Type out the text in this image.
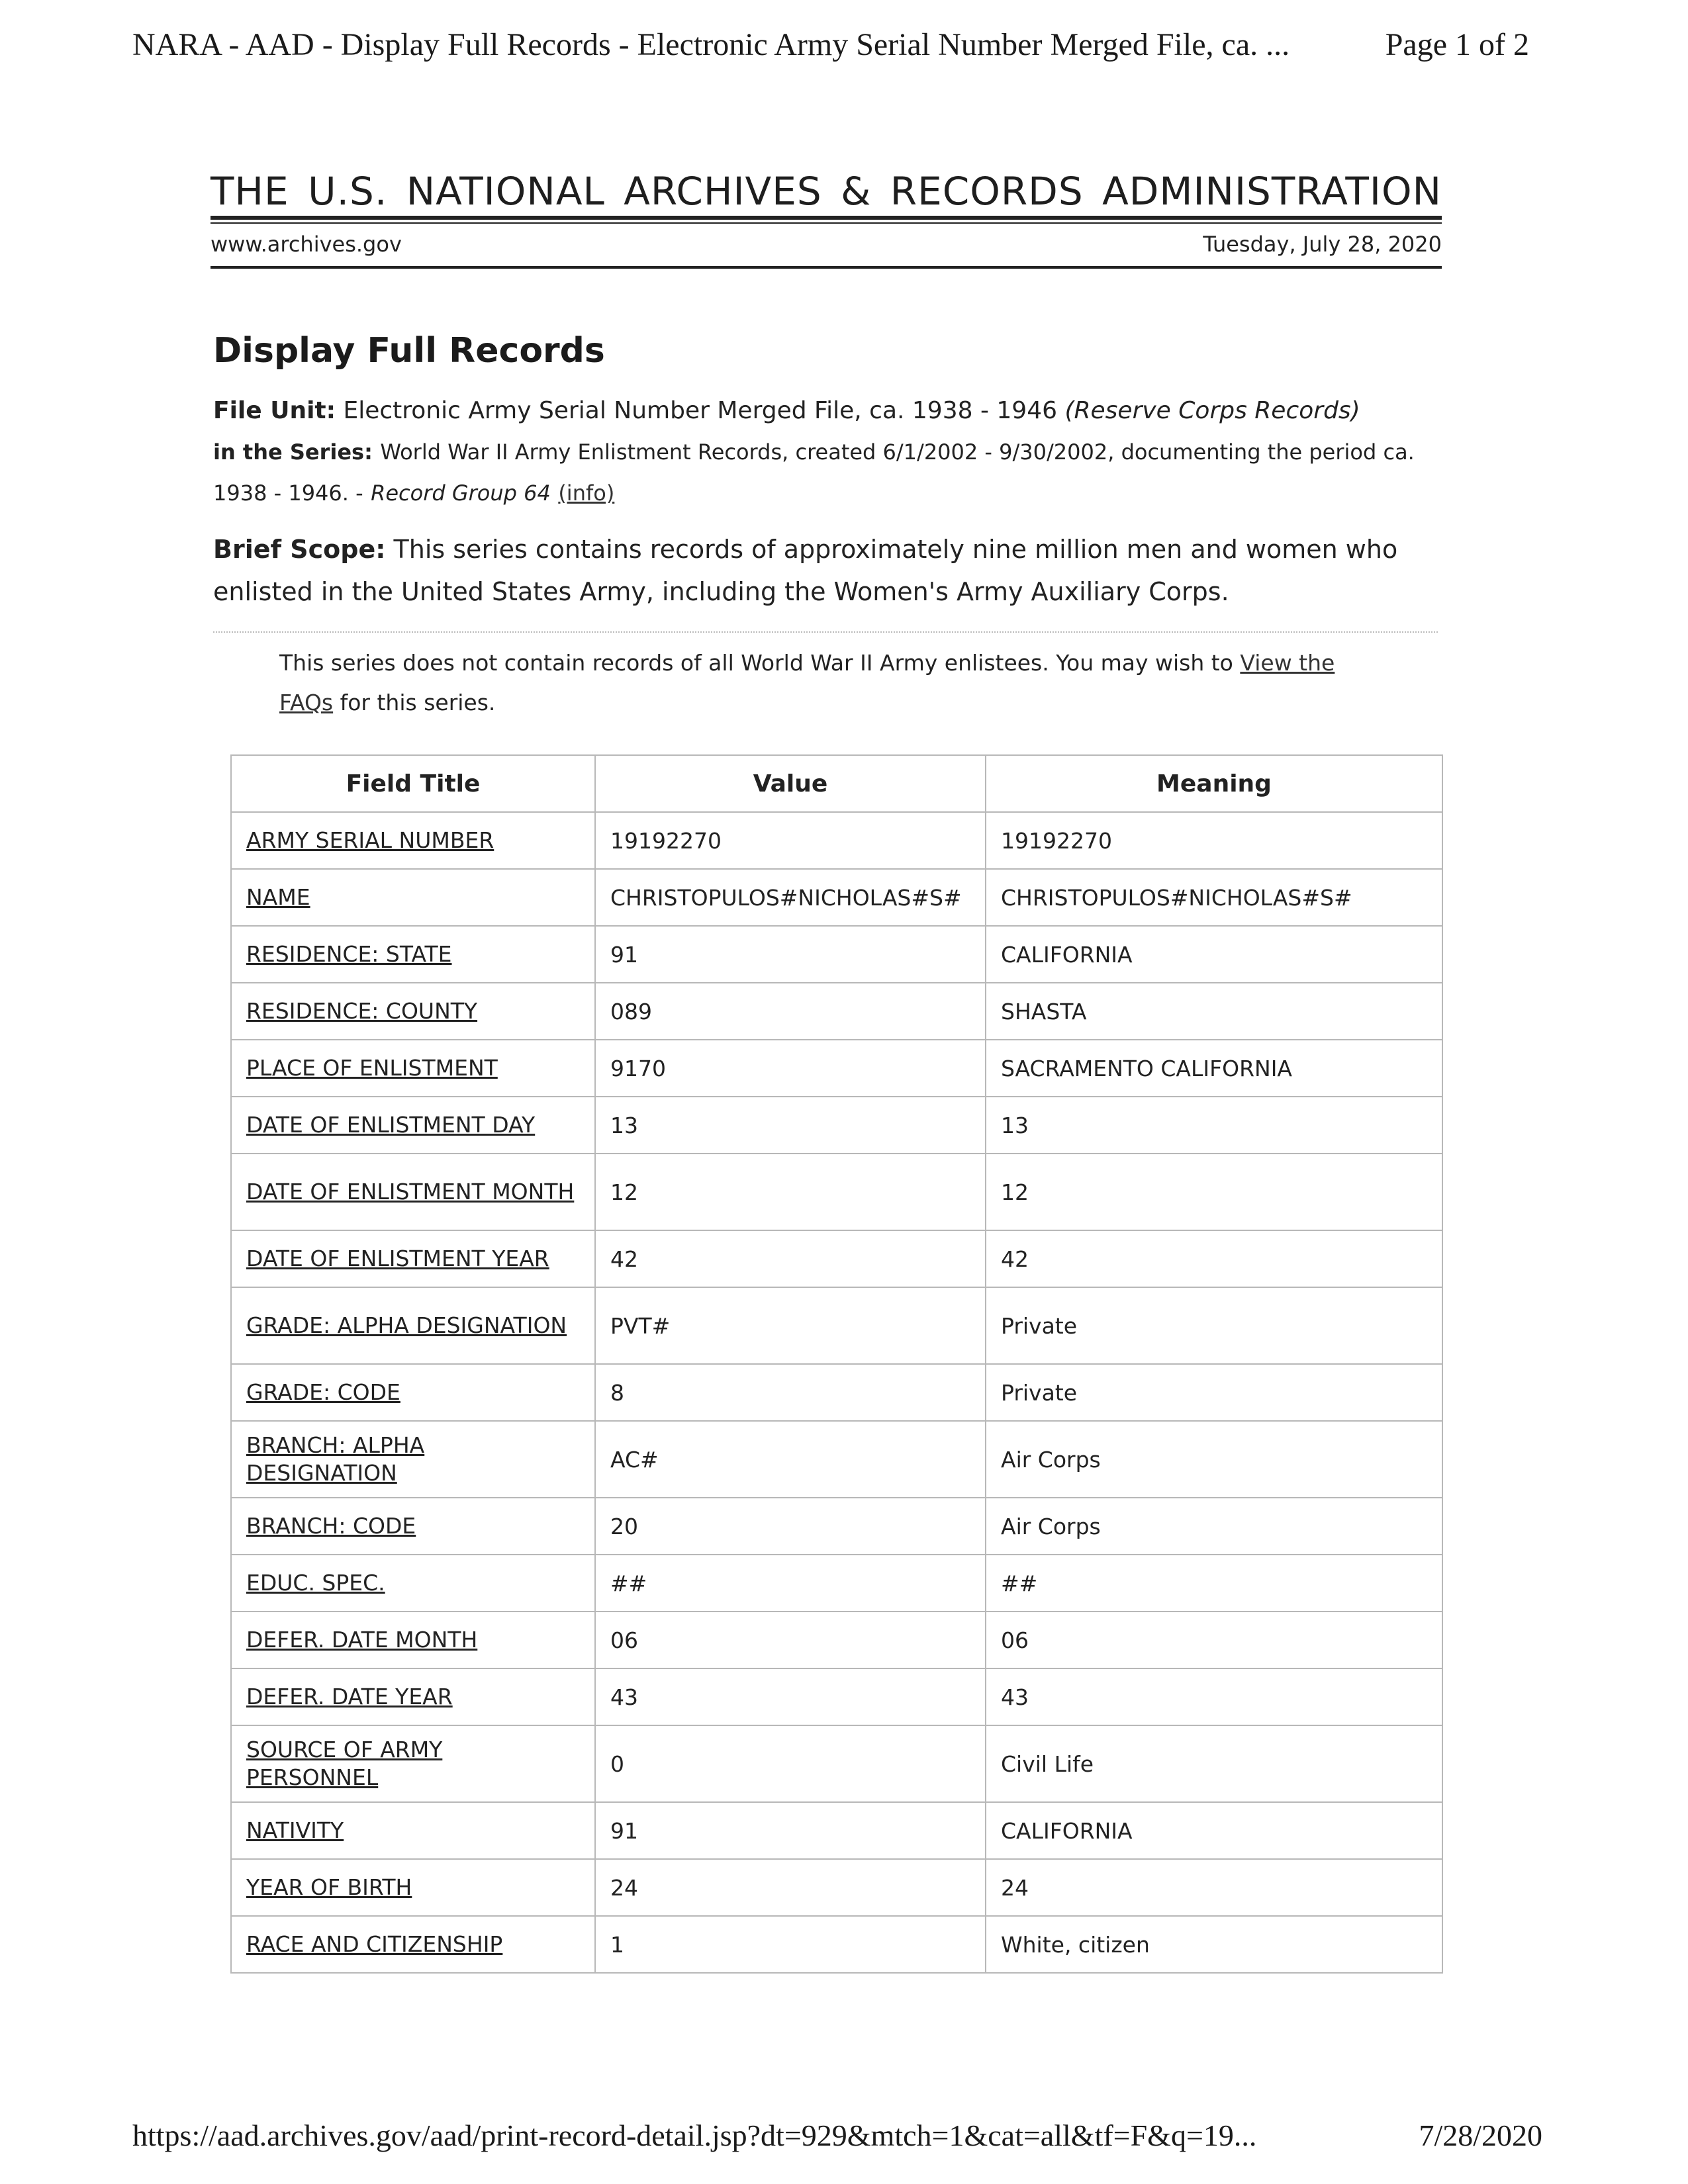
NARA - AAD - Display Full Records - Electronic Army Serial Number Merged File, ca. ...	Page 1 of 2
THE U.S. NATIONAL ARCHIVES & RECORDS ADMINISTRATION
www.archives.gov	Tuesday, July 28, 2020
Display Full Records

File Unit: Electronic Army Serial Number Merged File, ca. 1938 - 1946 (Reserve Corps Records)

in the Series: World War II Army Enlistment Records, created 6/1/2002 - 9/30/2002, documenting the period ca. 1938 - 1946. - Record Group 64 (info)

Brief Scope: This series contains records of approximately nine million men and women who enlisted in the United States Army, including the Women's Army Auxiliary Corps.

This series does not contain records of all World War II Army enlistees. You may wish to View the FAQs for this series.

Field Title	Value	Meaning
ARMY SERIAL NUMBER	19192270	19192270
NAME	CHRISTOPULOS#NICHOLAS#S#	CHRISTOPULOS#NICHOLAS#S#
RESIDENCE: STATE	91	CALIFORNIA
RESIDENCE: COUNTY	089	SHASTA
PLACE OF ENLISTMENT	9170	SACRAMENTO CALIFORNIA
DATE OF ENLISTMENT DAY	13	13
DATE OF ENLISTMENT MONTH	12	12
DATE OF ENLISTMENT YEAR	42	42
GRADE: ALPHA DESIGNATION	PVT#	Private
GRADE: CODE	8	Private
BRANCH: ALPHA DESIGNATION	AC#	Air Corps
BRANCH: CODE	20	Air Corps
EDUC. SPEC.	##	##
DEFER. DATE MONTH	06	06
DEFER. DATE YEAR	43	43
SOURCE OF ARMY PERSONNEL	0	Civil Life
NATIVITY	91	CALIFORNIA
YEAR OF BIRTH	24	24
RACE AND CITIZENSHIP	1	White, citizen
https://aad.archives.gov/aad/print-record-detail.jsp?dt=929&mtch=1&cat=all&tf=F&q=19...	7/28/2020
